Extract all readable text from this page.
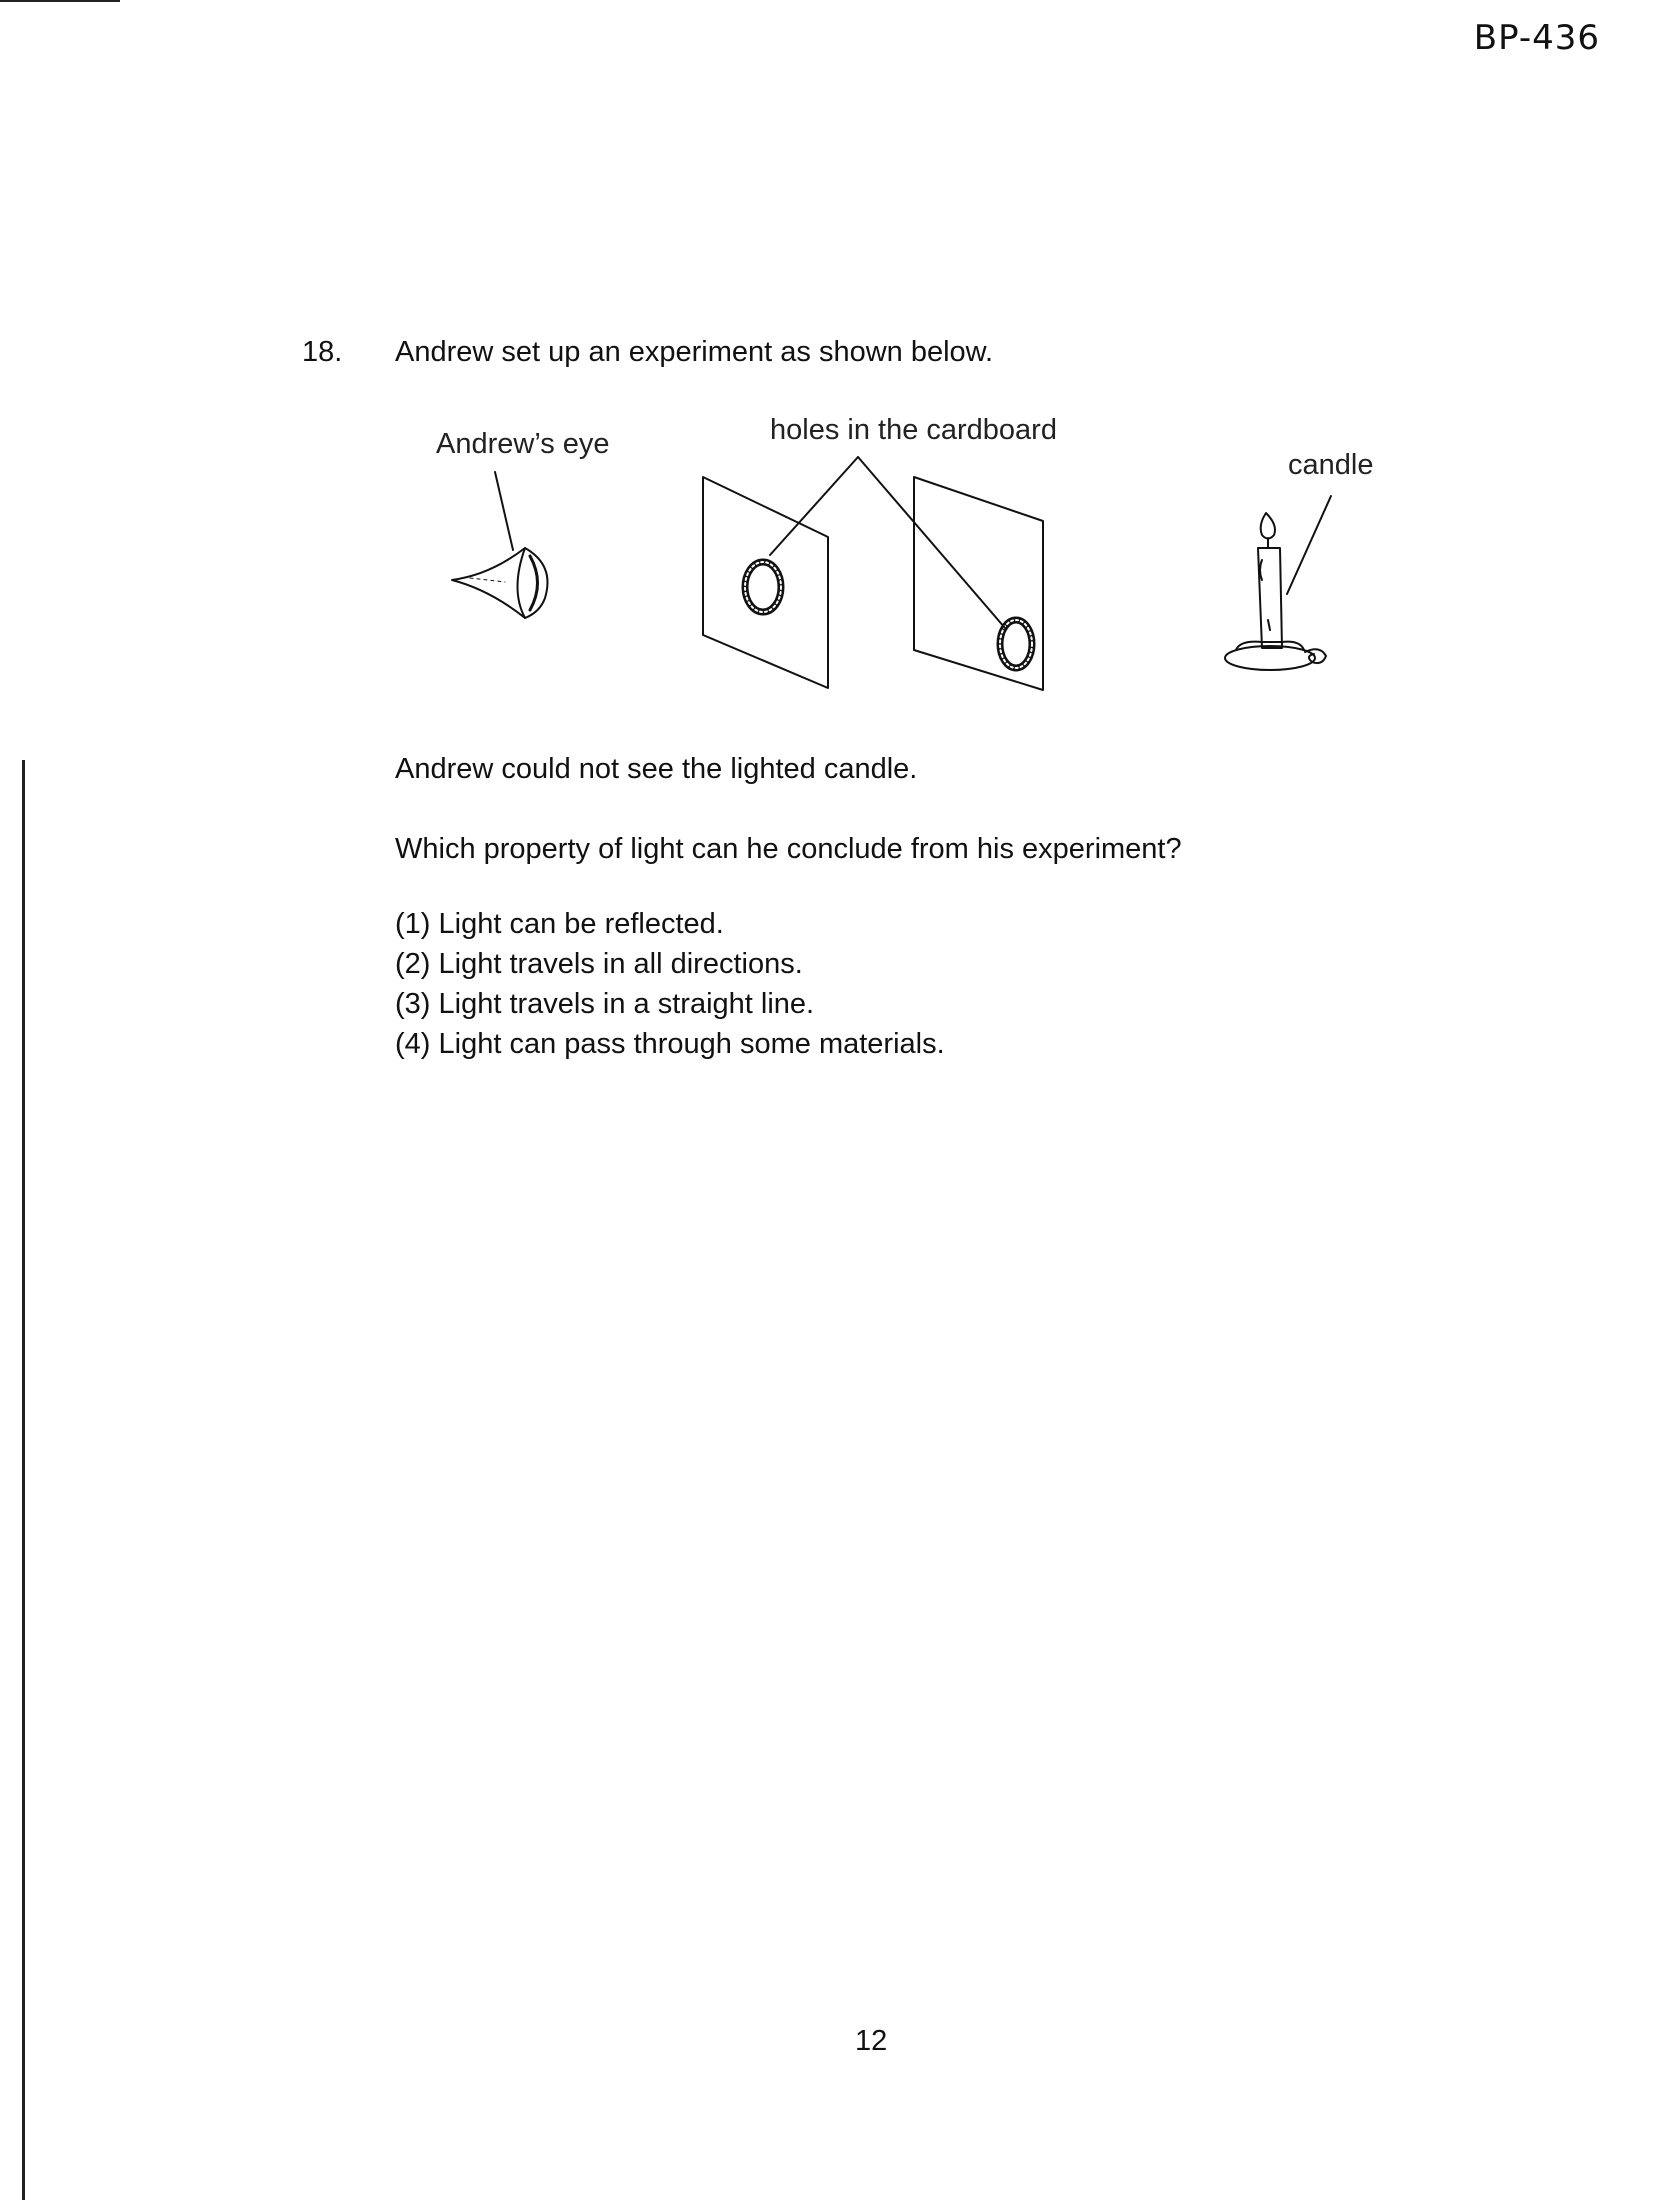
BP-436
18. Andrew set up an experiment as shown below.
Andrew’s eye	holes in the cardboard
candle
Andrew could not see the lighted candle.
Which property of light can he conclude from his experiment?
(1) Light can be reflected.
(2) Light travels in all directions.
(3) Light travels in a straight line.
(4) Light can pass through some materials.
12
